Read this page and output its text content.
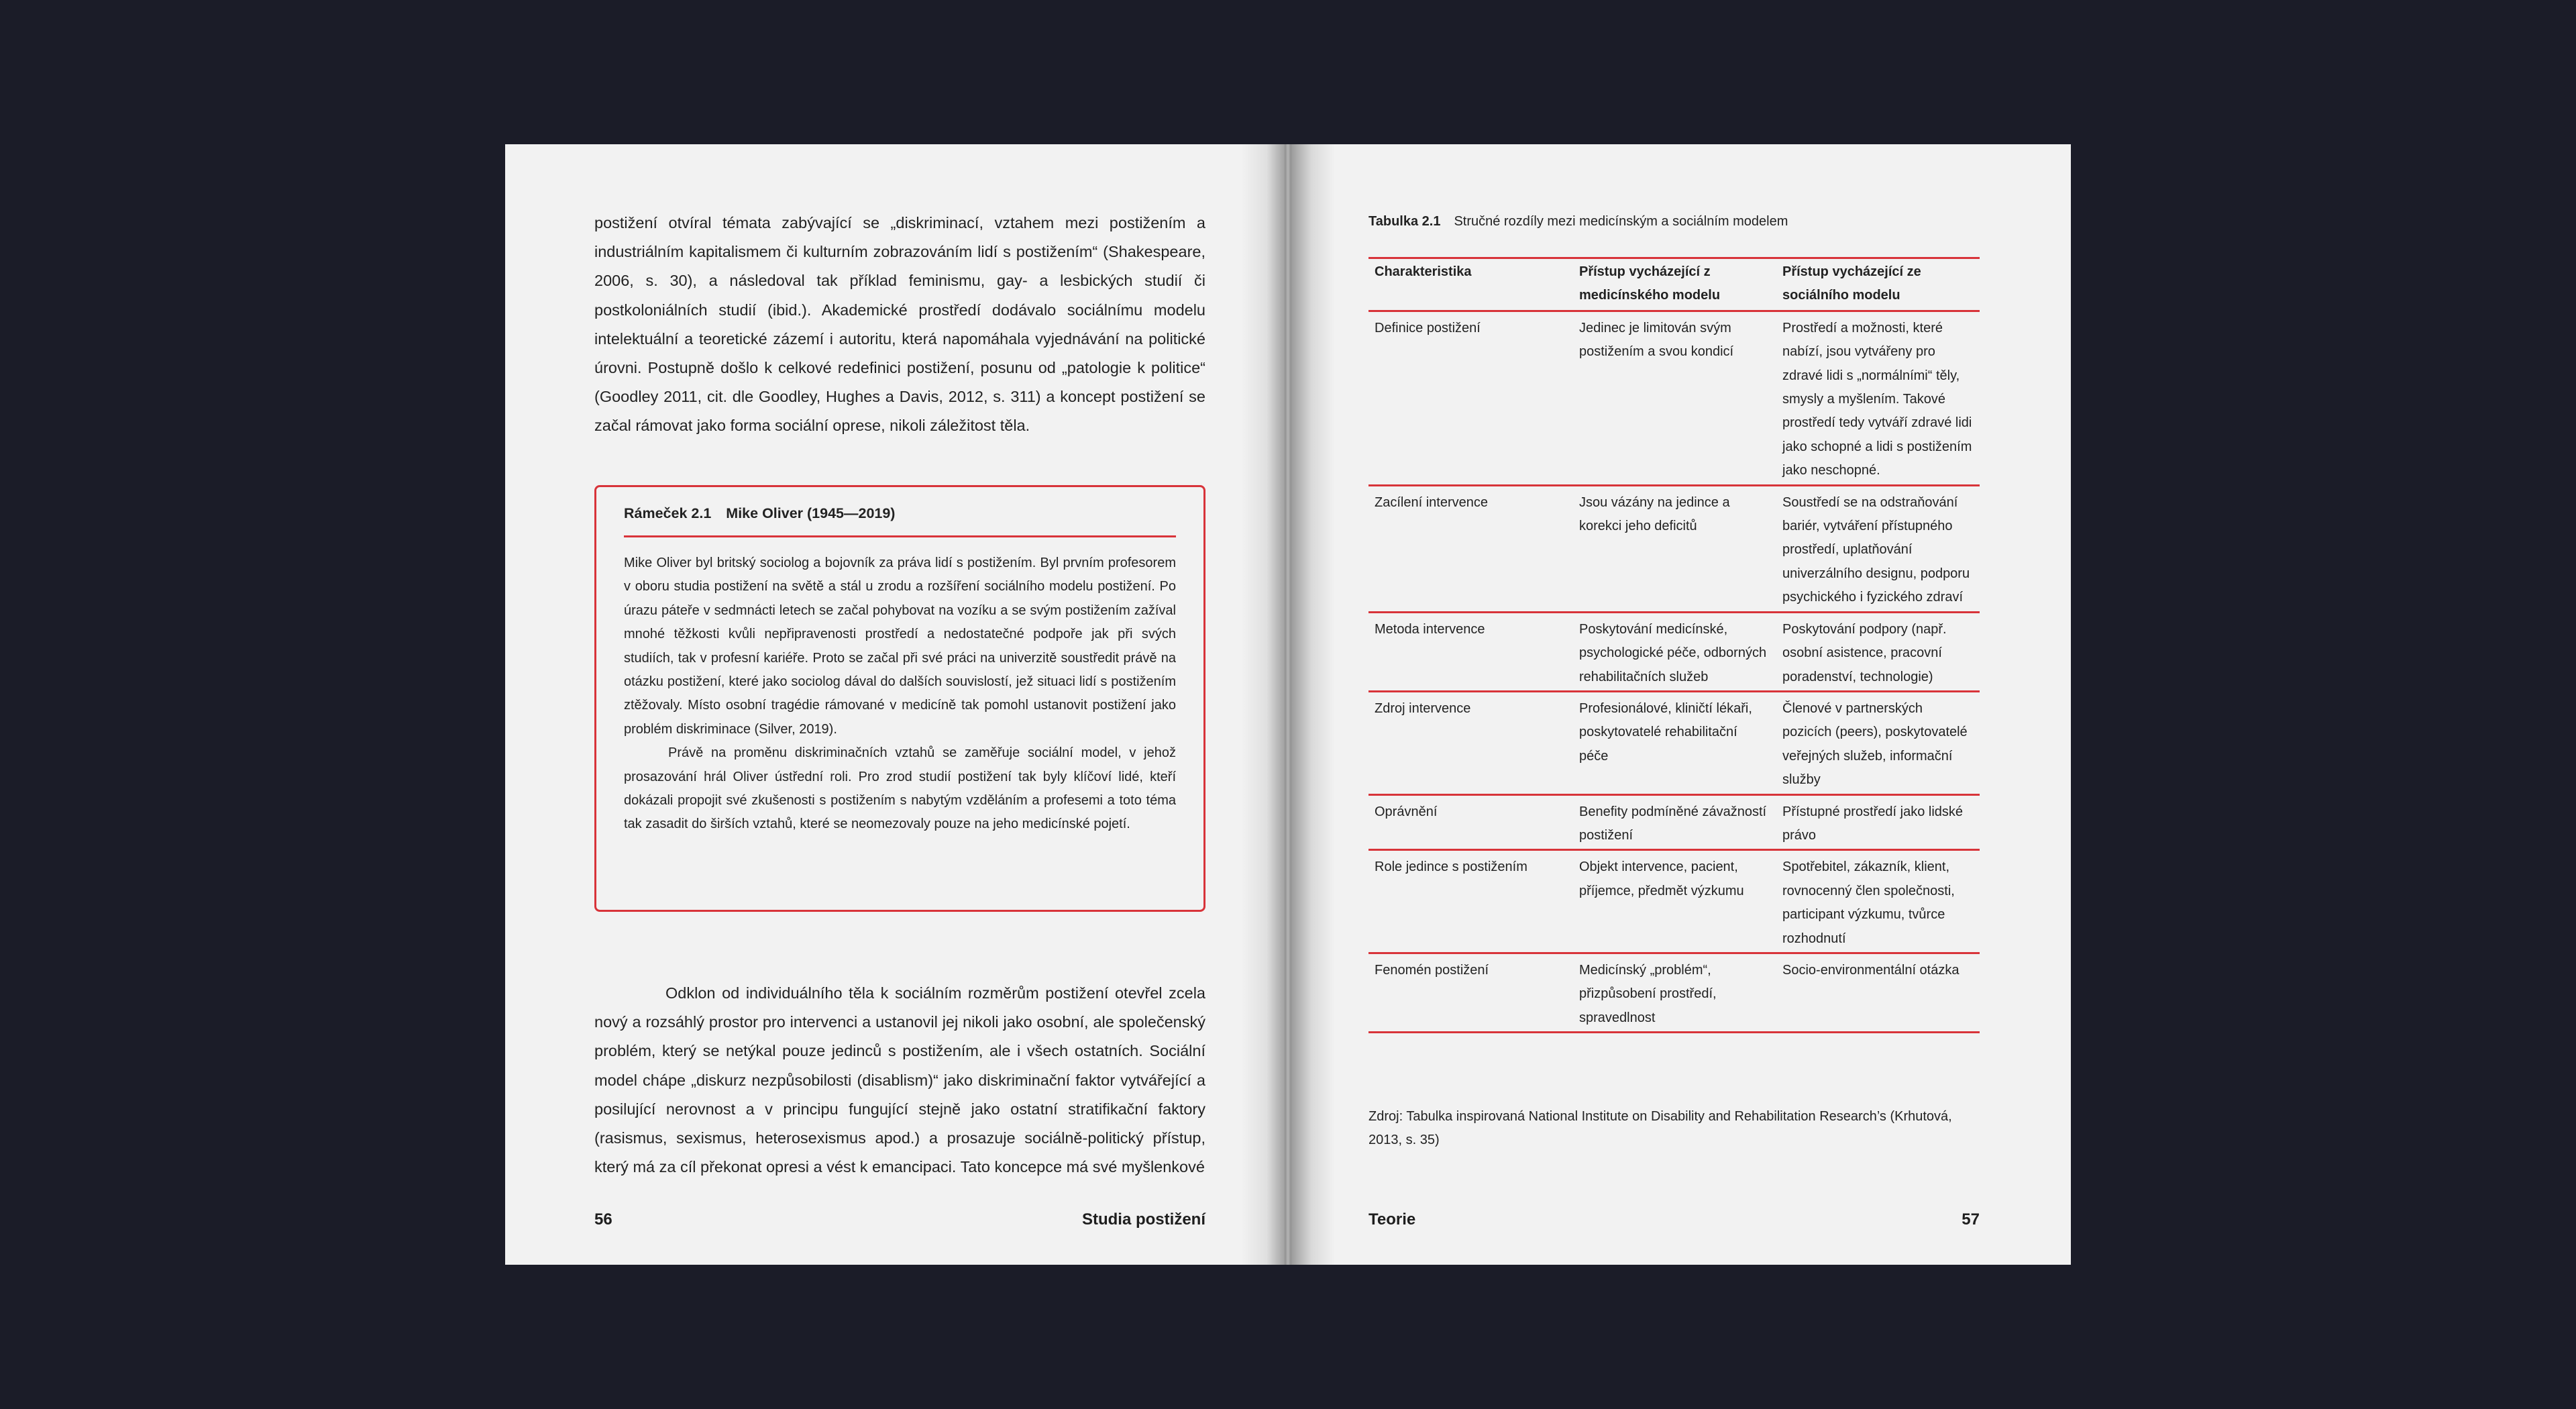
postižení otvíral témata zabývající se „diskriminací, vztahem mezi postižením a industriálním kapitalismem či kulturním zobrazováním lidí s postižením“ (Shakespeare, 2006, s. 30), a následoval tak příklad feminismu, gay- a lesbických studií či postkoloniálních studií (ibid.). Akademické prostředí dodávalo sociálnímu modelu intelektuální a teoretické zázemí i autoritu, která napomáhala vyjednávání na politické úrovni. Postupně došlo k celkové redefinici postižení, posunu od „patologie k politice“ (Goodley 2011, cit. dle Goodley, Hughes a Davis, 2012, s. 311) a koncept postižení se začal rámovat jako forma sociální oprese, nikoli záležitost těla.
Rámeček 2.1 Mike Oliver (1945—2019)

Mike Oliver byl britský sociolog a bojovník za práva lidí s postižením. Byl prvním profesorem v oboru studia postižení na světě a stál u zrodu a rozšíření sociálního modelu postižení. Po úrazu páteře v sedmnácti letech se začal pohybovat na vozíku a se svým postižením zažíval mnohé těžkosti kvůli nepřipravenosti prostředí a nedostatečné podpoře jak při svých studiích, tak v profesní kariéře. Proto se začal při své práci na univerzitě soustředit právě na otázku postižení, které jako sociolog dával do dalších souvislostí, jež situaci lidí s postižením ztěžovaly. Místo osobní tragédie rámované v medicíně tak pomohl ustanovit postižení jako problém diskriminace (Silver, 2019).

Právě na proměnu diskriminačních vztahů se zaměřuje sociální model, v jehož prosazování hrál Oliver ústřední roli. Pro zrod studií postižení tak byly klíčoví lidé, kteří dokázali propojit své zkušenosti s postižením s nabytým vzděláním a profesemi a toto téma tak zasadit do širších vztahů, které se neomezovaly pouze na jeho medicínské pojetí.

Odklon od individuálního těla k sociálním rozměrům postižení otevřel zcela nový a rozsáhlý prostor pro intervenci a ustanovil jej nikoli jako osobní, ale společenský problém, který se netýkal pouze jedinců s postižením, ale i všech ostatních. Sociální model chápe „diskurz nezpůsobilosti (disablism)“ jako diskriminační faktor vytvářející a posilující nerovnost a v principu fungující stejně jako ostatní stratifikační faktory (rasismus, sexismus, heterosexismus apod.) a prosazuje sociálně-politický přístup, který má za cíl překonat opresi a vést k emancipaci. Tato koncepce má své myšlenkové
56	Studia postižení
Tabulka 2.1 Stručné rozdíly mezi medicínským a sociálním modelem
Charakteristika	Přístup vycházející z medicínského modelu	Přístup vycházející ze sociálního modelu
Definice postižení	Jedinec je limitován svým postižením a svou kondicí	Prostředí a možnosti, které nabízí, jsou vytvářeny pro zdravé lidi s „normálními“ těly, smysly a myšlením. Takové prostředí tedy vytváří zdravé lidi jako schopné a lidi s postižením jako neschopné.
Zacílení intervence	Jsou vázány na jedince a korekci jeho deficitů	Soustředí se na odstraňování bariér, vytváření přístupného prostředí, uplatňování univerzálního designu, podporu psychického i fyzického zdraví
Metoda intervence	Poskytování medicínské, psychologické péče, odborných rehabilitačních služeb	Poskytování podpory (např. osobní asistence, pracovní poradenství, technologie)
Zdroj intervence	Profesionálové, kliničtí lékaři, poskytovatelé rehabilitační péče	Členové v partnerských pozicích (peers), poskytovatelé veřejných služeb, informační služby
Oprávnění	Benefity podmíněné závažností postižení	Přístupné prostředí jako lidské právo
Role jedince s postižením	Objekt intervence, pacient, příjemce, předmět výzkumu	Spotřebitel, zákazník, klient, rovnocenný člen společnosti, participant výzkumu, tvůrce rozhodnutí
Fenomén postižení	Medicínský „problém“, přizpůsobení prostředí, spravedlnost	Socio-environmentální otázka
Zdroj: Tabulka inspirovaná National Institute on Disability and Rehabilitation Research’s (Krhutová, 2013, s. 35)
Teorie	57
